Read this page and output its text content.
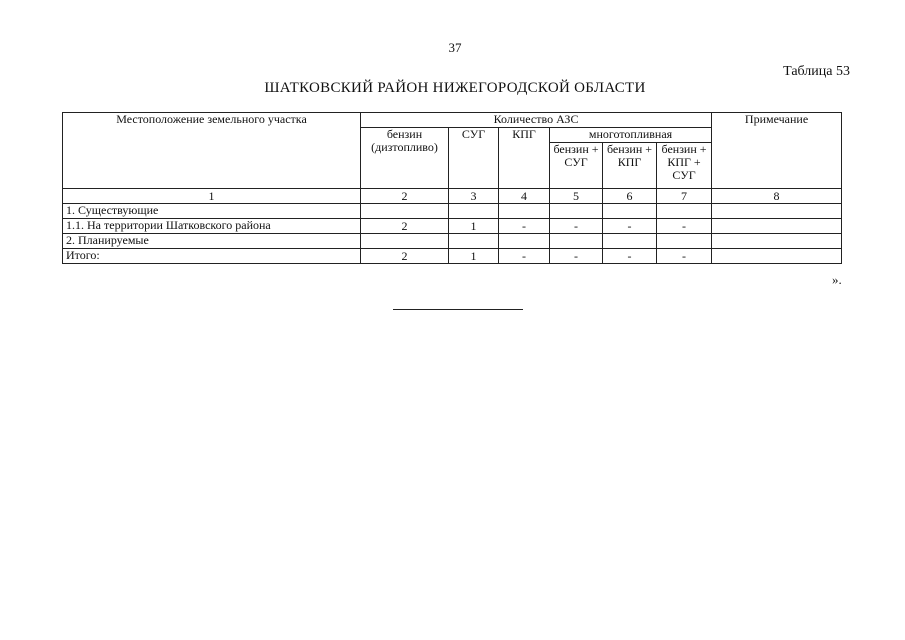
37
Таблица 53
ШАТКОВСКИЙ РАЙОН НИЖЕГОРОДСКОЙ ОБЛАСТИ
Местоположение земельного участка	Количество АЗС						Примечание
	бензин (дизтопливо)	СУГ	КПГ	многотопливная			
				бензин + СУГ	бензин + КПГ	бензин + КПГ + СУГ	
1	2	3	4	5	6	7	8
1. Существующие							
1.1. На территории Шатковского района	2	1	-	-	-	-	
2. Планируемые							
Итого:	2	1	-	-	-	-	
».
